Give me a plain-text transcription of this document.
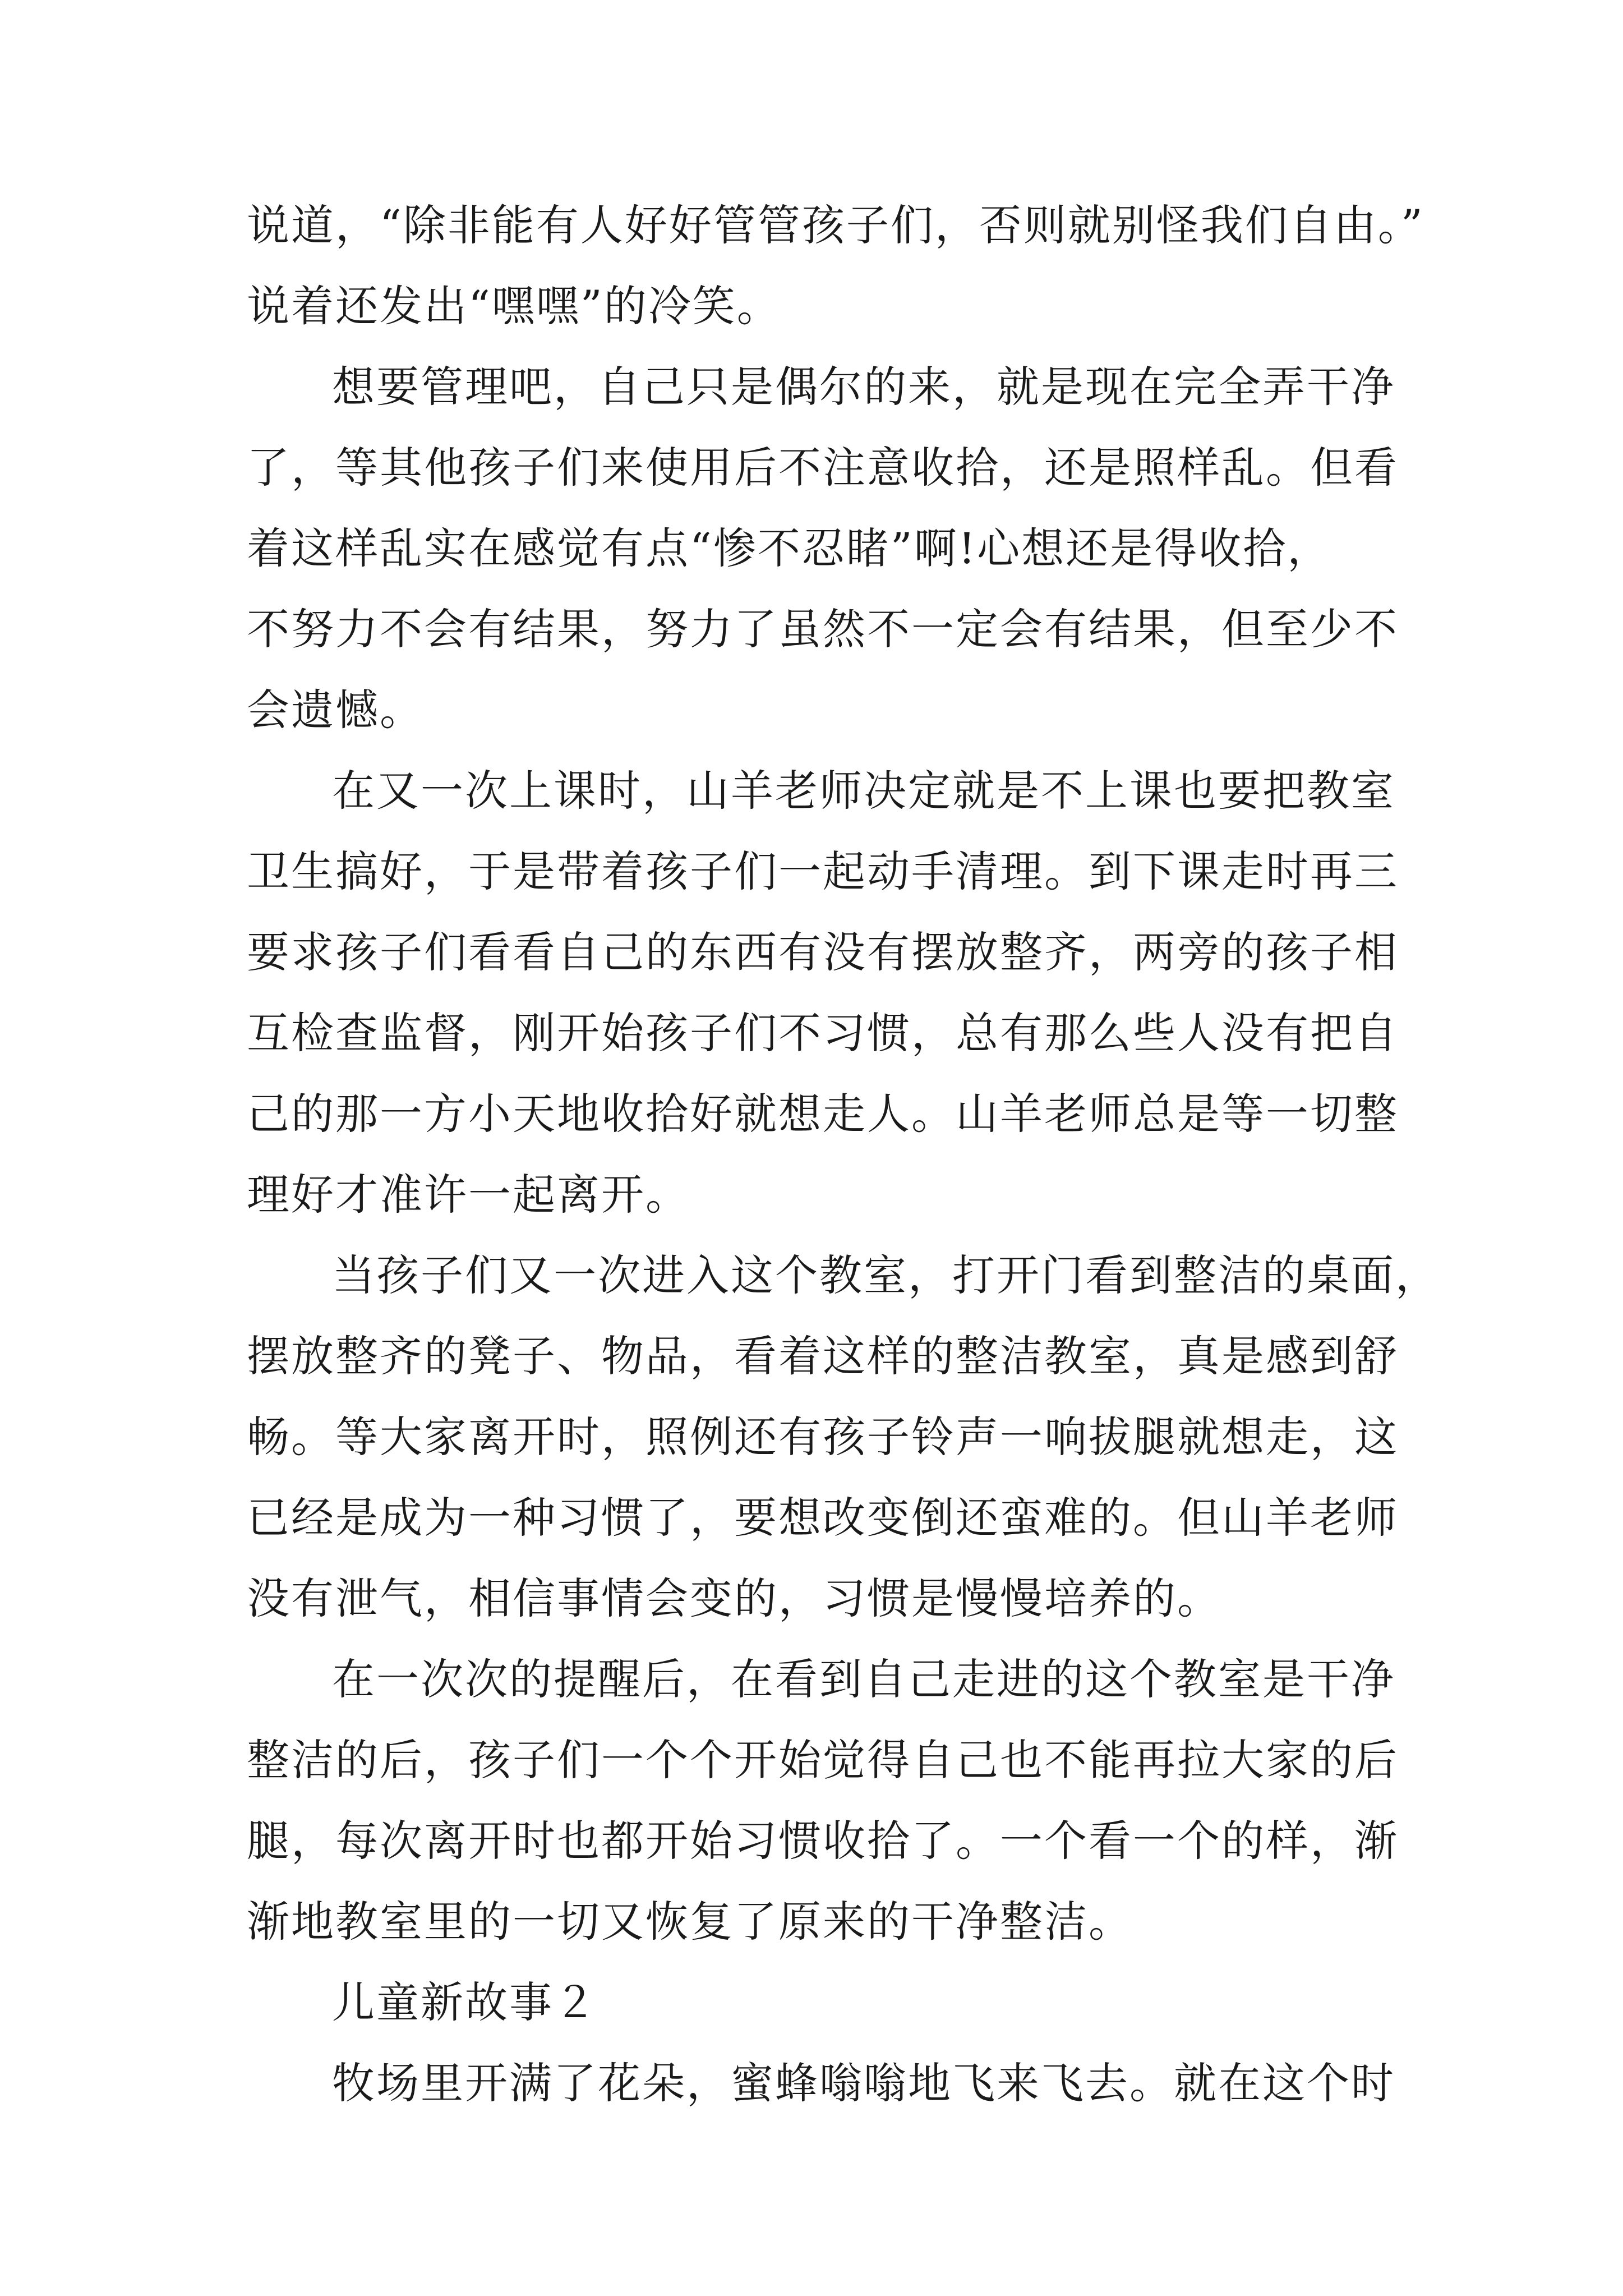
说道，“除非能有人好好管管孩子们，否则就别怪我们自由。”
说着还发出“嘿嘿”的冷笑。
想要管理吧，自己只是偶尔的来，就是现在完全弄干净
了，等其他孩子们来使用后不注意收拾，还是照样乱。但看
着这样乱实在感觉有点“惨不忍睹”啊!心想还是得收拾，
不努力不会有结果，努力了虽然不一定会有结果，但至少不
会遗憾。
在又一次上课时，山羊老师决定就是不上课也要把教室
卫生搞好，于是带着孩子们一起动手清理。到下课走时再三
要求孩子们看看自己的东西有没有摆放整齐，两旁的孩子相
互检查监督，刚开始孩子们不习惯，总有那么些人没有把自
己的那一方小天地收拾好就想走人。山羊老师总是等一切整
理好才准许一起离开。
当孩子们又一次进入这个教室，打开门看到整洁的桌面，
摆放整齐的凳子、物品，看着这样的整洁教室，真是感到舒
畅。等大家离开时，照例还有孩子铃声一响拔腿就想走，这
已经是成为一种习惯了，要想改变倒还蛮难的。但山羊老师
没有泄气，相信事情会变的，习惯是慢慢培养的。
在一次次的提醒后，在看到自己走进的这个教室是干净
整洁的后，孩子们一个个开始觉得自己也不能再拉大家的后
腿，每次离开时也都开始习惯收拾了。一个看一个的样，渐
渐地教室里的一切又恢复了原来的干净整洁。
儿童新故事２
牧场里开满了花朵，蜜蜂嗡嗡地飞来飞去。就在这个时
